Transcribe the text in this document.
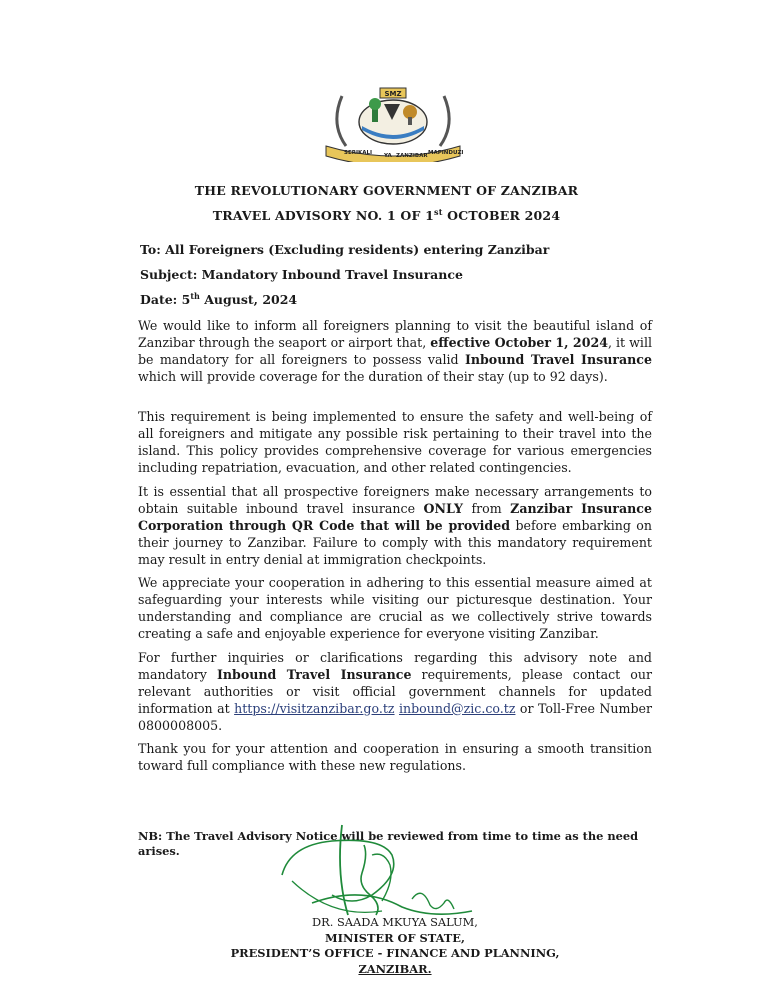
SMZ
SERIKALI YA ZANZIBAR MAPINDUZI
THE REVOLUTIONARY GOVERNMENT OF ZANZIBAR
TRAVEL ADVISORY NO. 1 OF 1st OCTOBER 2024
To: All Foreigners (Excluding residents) entering Zanzibar
Subject: Mandatory Inbound Travel Insurance
Date: 5th August, 2024
We would like to inform all foreigners planning to visit the beautiful island of Zanzibar through the seaport or airport that, effective October 1, 2024, it will be mandatory for all foreigners to possess valid Inbound Travel Insurance which will provide coverage for the duration of their stay (up to 92 days).
This requirement is being implemented to ensure the safety and well-being of all foreigners and mitigate any possible risk pertaining to their travel into the island. This policy provides comprehensive coverage for various emergencies including repatriation, evacuation, and other related contingencies.
It is essential that all prospective foreigners make necessary arrangements to obtain suitable inbound travel insurance ONLY from Zanzibar Insurance Corporation through QR Code that will be provided before embarking on their journey to Zanzibar. Failure to comply with this mandatory requirement may result in entry denial at immigration checkpoints.
We appreciate your cooperation in adhering to this essential measure aimed at safeguarding your interests while visiting our picturesque destination. Your understanding and compliance are crucial as we collectively strive towards creating a safe and enjoyable experience for everyone visiting Zanzibar.
For further inquiries or clarifications regarding this advisory note and mandatory Inbound Travel Insurance requirements, please contact our relevant authorities or visit official government channels for updated information at https://visitzanzibar.go.tz inbound@zic.co.tz or Toll-Free Number 0800008005.
Thank you for your attention and cooperation in ensuring a smooth transition toward full compliance with these new regulations.
NB: The Travel Advisory Notice will be reviewed from time to time as the need arises.
DR. SAADA MKUYA SALUM,
MINISTER OF STATE,
PRESIDENT’S OFFICE - FINANCE AND PLANNING,
ZANZIBAR.
